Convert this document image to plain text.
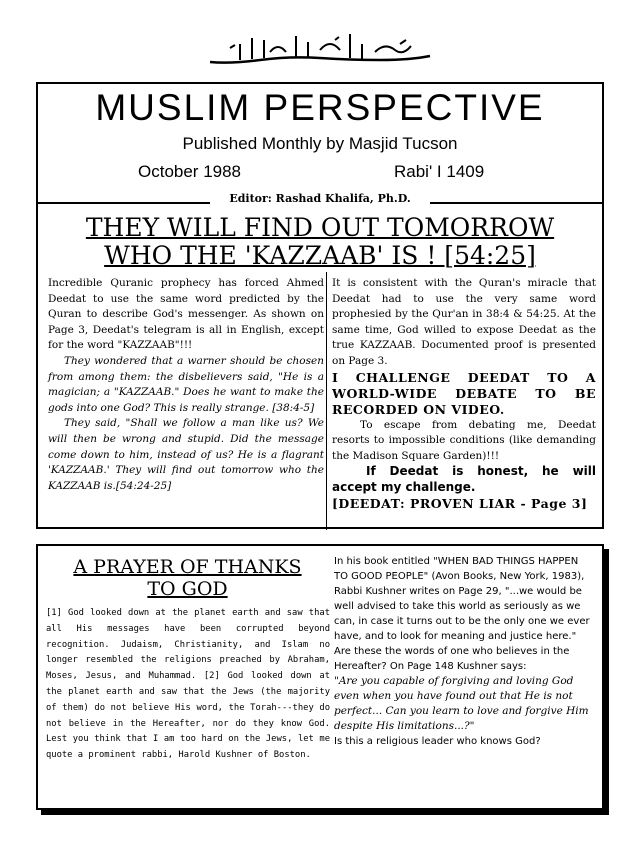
MUSLIM PERSPECTIVE
Published Monthly by Masjid Tucson
October 1988	Rabi' I 1409
Editor: Rashad Khalifa, Ph.D.
THEY WILL FIND OUT TOMORROW
WHO THE 'KAZZAAB' IS ! [54:25]

Incredible Quranic prophecy has forced Ahmed Deedat to use the same word predicted by the Quran to describe God's messenger. As shown on Page 3, Deedat's telegram is all in English, except for the word "KAZZAAB"!!!

They wondered that a warner should be chosen from among them: the disbelievers said, "He is a magician; a "KAZZAAB." Does he want to make the gods into one God? This is really strange. [38:4-5]

They said, "Shall we follow a man like us? We will then be wrong and stupid. Did the message come down to him, instead of us? He is a flagrant 'KAZZAAB.' They will find out tomorrow who the KAZZAAB is.[54:24-25]

It is consistent with the Quran's miracle that Deedat had to use the very same word prophesied by the Qur'an in 38:4 & 54:25. At the same time, God willed to expose Deedat as the true KAZZAAB. Documented proof is presented on Page 3.

I CHALLENGE DEEDAT TO A WORLD-WIDE DEBATE TO BE RECORDED ON VIDEO.

To escape from debating me, Deedat resorts to impossible conditions (like demanding the Madison Square Garden)!!!

If Deedat is honest, he will accept my challenge.

[DEEDAT: PROVEN LIAR - Page 3]

A PRAYER OF THANKS
TO GOD
[1] God looked down at the planet earth and saw that all His messages have been corrupted beyond recognition. Judaism, Christianity, and Islam no longer resembled the religions preached by Abraham, Moses, Jesus, and Muhammad. [2] God looked down at the planet earth and saw that the Jews (the majority of them) do not believe His word, the Torah---they do not believe in the Hereafter, nor do they know God. Lest you think that I am too hard on the Jews, let me quote a prominent rabbi, Harold Kushner of Boston.

In his book entitled "WHEN BAD THINGS HAPPEN TO GOOD PEOPLE" (Avon Books, New York, 1983), Rabbi Kushner writes on Page 29, "...we would be well advised to take this world as seriously as we can, in case it turns out to be the only one we ever have, and to look for meaning and justice here." Are these the words of one who believes in the Hereafter? On Page 148 Kushner says:

"Are you capable of forgiving and loving God even when you have found out that He is not perfect... Can you learn to love and forgive Him despite His limitations...?"

Is this a religious leader who knows God?
